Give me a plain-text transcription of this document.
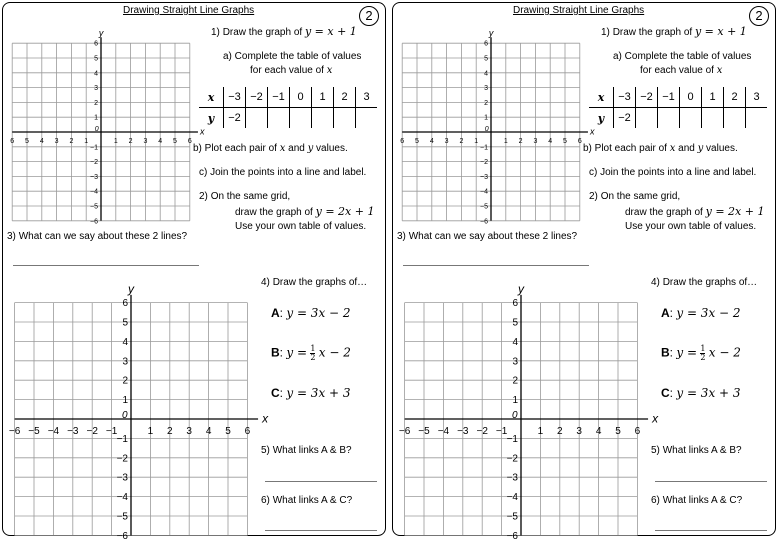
Drawing Straight Line Graphs	2
x
y
0
6 5 4 3 2 1	1 2 3 4 5 6
6
5
4
3
2
1
−1
−2
−3
−4
−5
−6
1) Draw the graph of y = x + 1
a) Complete the table of values
for each value of x
x	−3	−2	−1	0	1	2	3
y	−2						
b) Plot each pair of x and y values.
c) Join the points into a line and label.
2) On the same grid,
draw the graph of y = 2x + 1
Use your own table of values.
3) What can we say about these 2 lines?
x
y
0
−6 −5 −4 −3 −2 −1	1 2 3 4 5 6
6
5
4
3
2
1
−1
−2
−3
−4
−5
−6
4) Draw the graphs of…
A: y = 3x − 2
B: $y = \frac{1}{2}$ x − 2
C: y = 3x + 3
5) What links A & B?
6) What links A & C?
Drawing Straight Line Graphs	2
x
y
0
6 5 4 3 2 1	1 2 3 4 5 6
6
5
4
3
2
1
−1
−2
−3
−4
−5
−6
1) Draw the graph of y = x + 1
a) Complete the table of values
for each value of x
x	−3	−2	−1	0	1	2	3
y	−2						
b) Plot each pair of x and y values.
c) Join the points into a line and label.
2) On the same grid,
draw the graph of y = 2x + 1
Use your own table of values.
3) What can we say about these 2 lines?
x
y
0
−6 −5 −4 −3 −2 −1	1 2 3 4 5 6
6
5
4
3
2
1
−1
−2
−3
−4
−5
−6
4) Draw the graphs of…
A: y = 3x − 2
B: $y = \frac{1}{2}$ x − 2
C: y = 3x + 3
5) What links A & B?
6) What links A & C?
